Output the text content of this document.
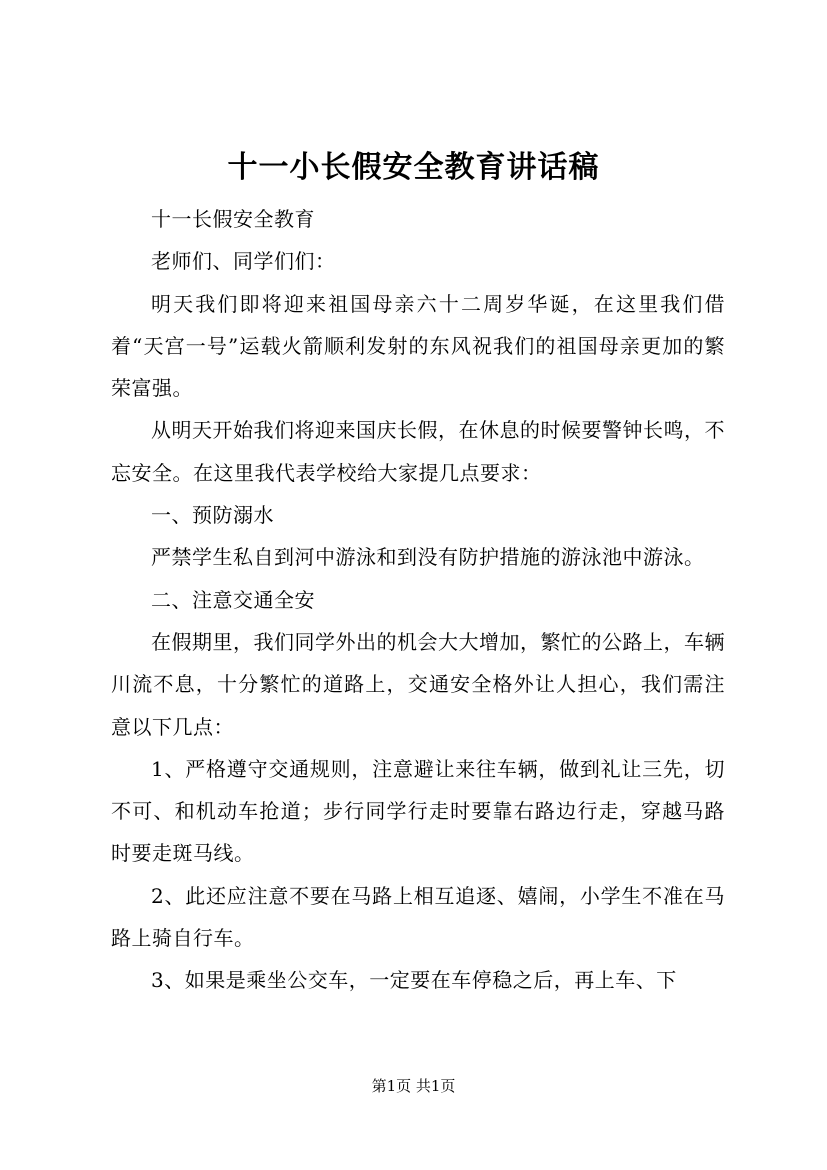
十一小长假安全教育讲话稿

十一长假安全教育

老师们、同学们们：

明天我们即将迎来祖国母亲六十二周岁华诞，在这里我们借着“天宫一号”运载火箭顺利发射的东风祝我们的祖国母亲更加的繁荣富强。

从明天开始我们将迎来国庆长假，在休息的时候要警钟长鸣，不忘安全。在这里我代表学校给大家提几点要求：

一、预防溺水

严禁学生私自到河中游泳和到没有防护措施的游泳池中游泳。

二、注意交通全安

在假期里，我们同学外出的机会大大增加，繁忙的公路上，车辆川流不息，十分繁忙的道路上，交通安全格外让人担心，我们需注意以下几点：

1、严格遵守交通规则，注意避让来往车辆，做到礼让三先，切不可、和机动车抢道；步行同学行走时要靠右路边行走，穿越马路时要走斑马线。

2、此还应注意不要在马路上相互追逐、嬉闹，小学生不准在马路上骑自行车。

3、如果是乘坐公交车，一定要在车停稳之后，再上车、下

第1页 共1页
